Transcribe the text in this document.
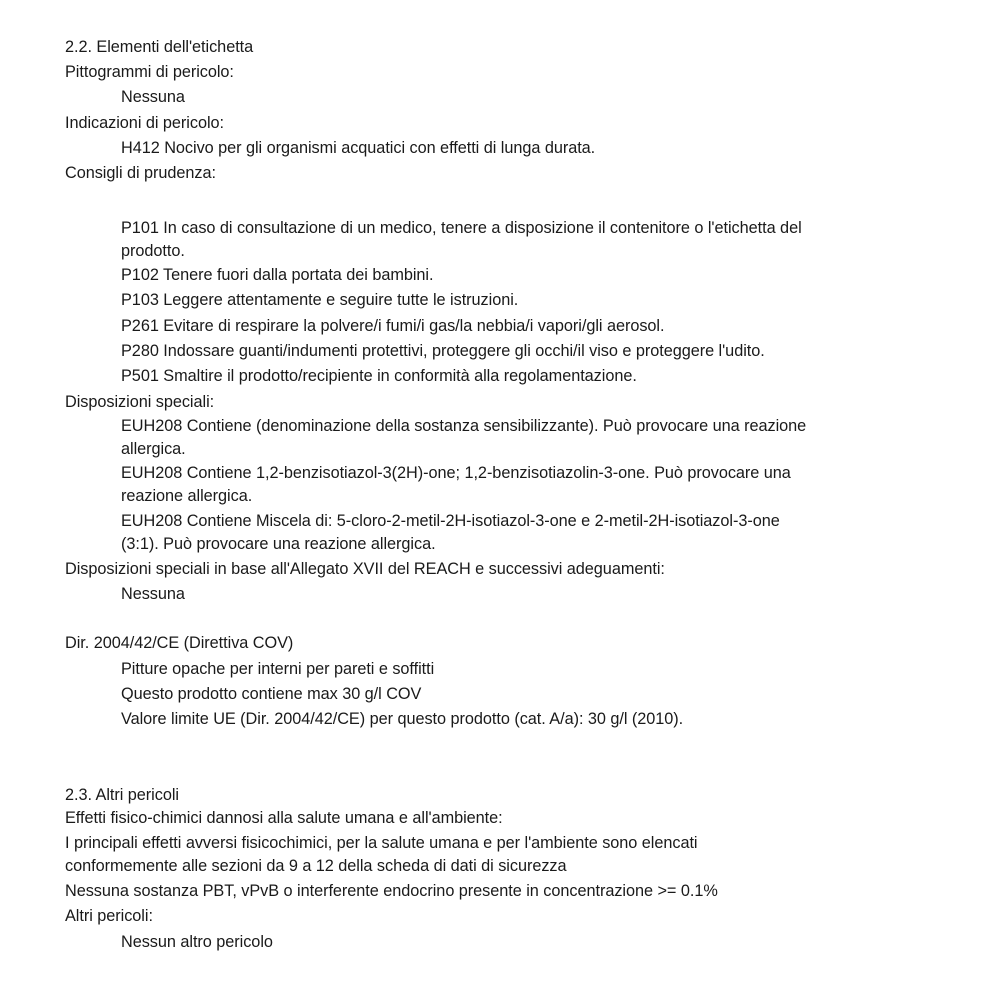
2.2. Elementi dell'etichetta
Pittogrammi di pericolo:
Nessuna
Indicazioni di pericolo:
H412 Nocivo per gli organismi acquatici con effetti di lunga durata.
Consigli di prudenza:
P101 In caso di consultazione di un medico, tenere a disposizione il contenitore o l'etichetta del
prodotto.
P102 Tenere fuori dalla portata dei bambini.
P103 Leggere attentamente e seguire tutte le istruzioni.
P261 Evitare di respirare la polvere/i fumi/i gas/la nebbia/i vapori/gli aerosol.
P280 Indossare guanti/indumenti protettivi, proteggere gli occhi/il viso e proteggere l'udito.
P501 Smaltire il prodotto/recipiente in conformità alla regolamentazione.
Disposizioni speciali:
EUH208 Contiene (denominazione della sostanza sensibilizzante). Può provocare una reazione
allergica.
EUH208 Contiene 1,2-benzisotiazol-3(2H)-one; 1,2-benzisotiazolin-3-one. Può provocare una
reazione allergica.
EUH208 Contiene Miscela di: 5-cloro-2-metil-2H-isotiazol-3-one e 2-metil-2H-isotiazol-3-one
(3:1). Può provocare una reazione allergica.
Disposizioni speciali in base all'Allegato XVII del REACH e successivi adeguamenti:
Nessuna
Dir. 2004/42/CE (Direttiva COV)
Pitture opache per interni per pareti e soffitti
Questo prodotto contiene max 30 g/l COV
Valore limite UE (Dir. 2004/42/CE) per questo prodotto (cat. A/a): 30 g/l (2010).
2.3. Altri pericoli
Effetti fisico-chimici dannosi alla salute umana e all'ambiente:
I principali effetti avversi fisicochimici, per la salute umana e per l'ambiente sono elencati
conformemente alle sezioni da 9 a 12 della scheda di dati di sicurezza
Nessuna sostanza PBT, vPvB o interferente endocrino presente in concentrazione >= 0.1%
Altri pericoli:
Nessun altro pericolo
